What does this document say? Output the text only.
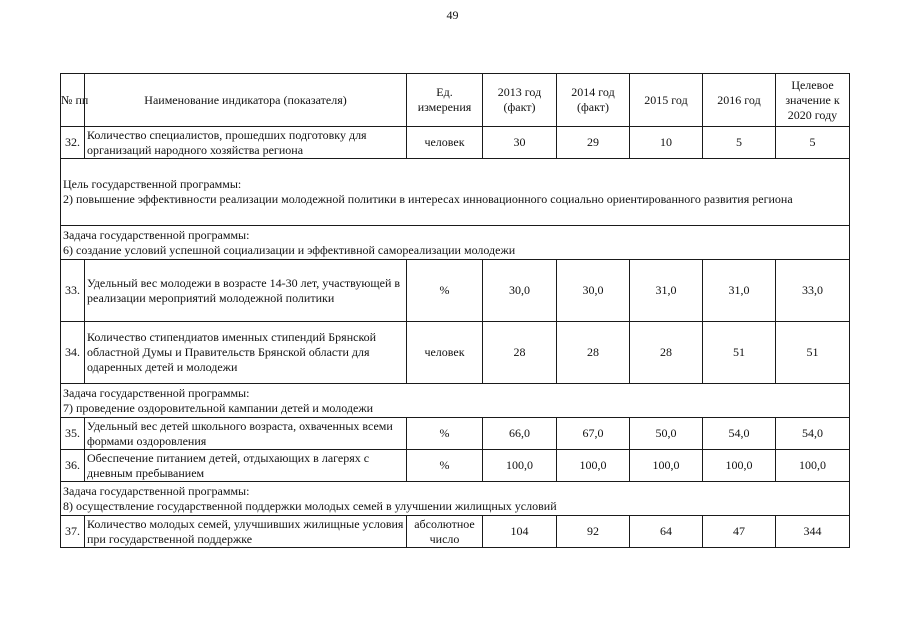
49
№ пп	Наименование индикатора (показателя)	Ед. измерения	2013 год (факт)	2014 год (факт)	2015 год	2016 год	Целевое значение к 2020 году
32.	Количество специалистов, прошедших подготовку для организаций народного хозяйства региона	человек	30	29	10	5	5

Цель государственной программы:
2) повышение эффективности реализации молодежной политики в интересах инновационного социально ориентированного развития региона							

Задача государственной программы:
6) создание условий успешной социализации и эффективной самореализации молодежи							

33.	Удельный вес молодежи в возрасте 14-30 лет, участвующей в реализации мероприятий молодежной политики	%	30,0	30,0	31,0	31,0	33,0
34.	Количество стипендиатов именных стипендий Брянской областной Думы и Правительств Брянской области для одаренных детей и молодежи	человек	28	28	28	51	51

Задача государственной программы:
7) проведение оздоровительной кампании детей и молодежи							

35.	Удельный вес детей школьного возраста, охваченных всеми формами оздоровления	%	66,0	67,0	50,0	54,0	54,0
36.	Обеспечение питанием детей, отдыхающих в лагерях с дневным пребыванием	%	100,0	100,0	100,0	100,0	100,0

Задача государственной программы:
8) осуществление государственной поддержки молодых семей в улучшении жилищных условий							

37.	Количество молодых семей, улучшивших жилищные условия при государственной поддержке	абсолютное число	104	92	64	47	344
